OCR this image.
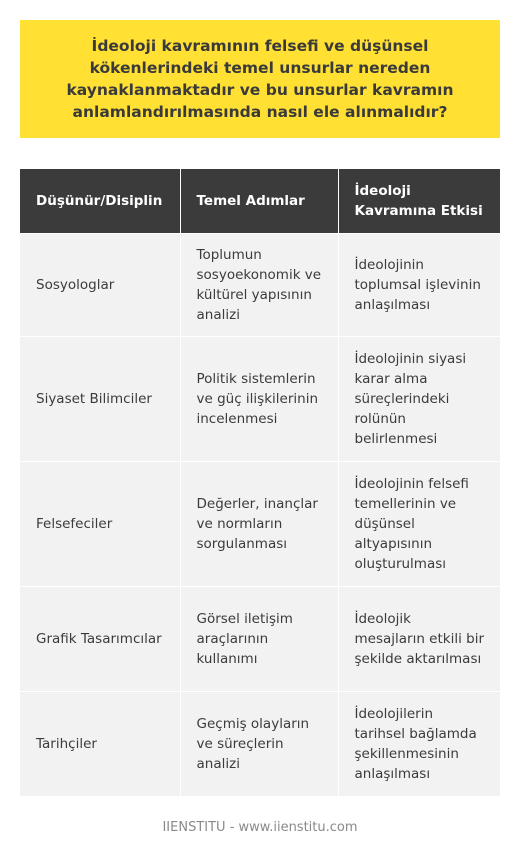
İdeoloji kavramının felsefi ve düşünsel kökenlerindeki temel unsurlar nereden kaynaklanmaktadır ve bu unsurlar kavramın anlamlandırılmasında nasıl ele alınmalıdır?
Düşünür/Disiplin	Temel Adımlar	İdeoloji Kavramına Etkisi
Sosyologlar	Toplumun sosyoekonomik ve kültürel yapısının analizi	İdeolojinin toplumsal işlevinin anlaşılması
Siyaset Bilimciler	Politik sistemlerin ve güç ilişkilerinin incelenmesi	İdeolojinin siyasi karar alma süreçlerindeki rolünün belirlenmesi
Felsefeciler	Değerler, inançlar ve normların sorgulanması	İdeolojinin felsefi temellerinin ve düşünsel altyapısının oluşturulması
Grafik Tasarımcılar	Görsel iletişim araçlarının kullanımı	İdeolojik mesajların etkili bir şekilde aktarılması
Tarihçiler	Geçmiş olayların ve süreçlerin analizi	İdeolojilerin tarihsel bağlamda şekillenmesinin anlaşılması
IIENSTITU - www.iienstitu.com
